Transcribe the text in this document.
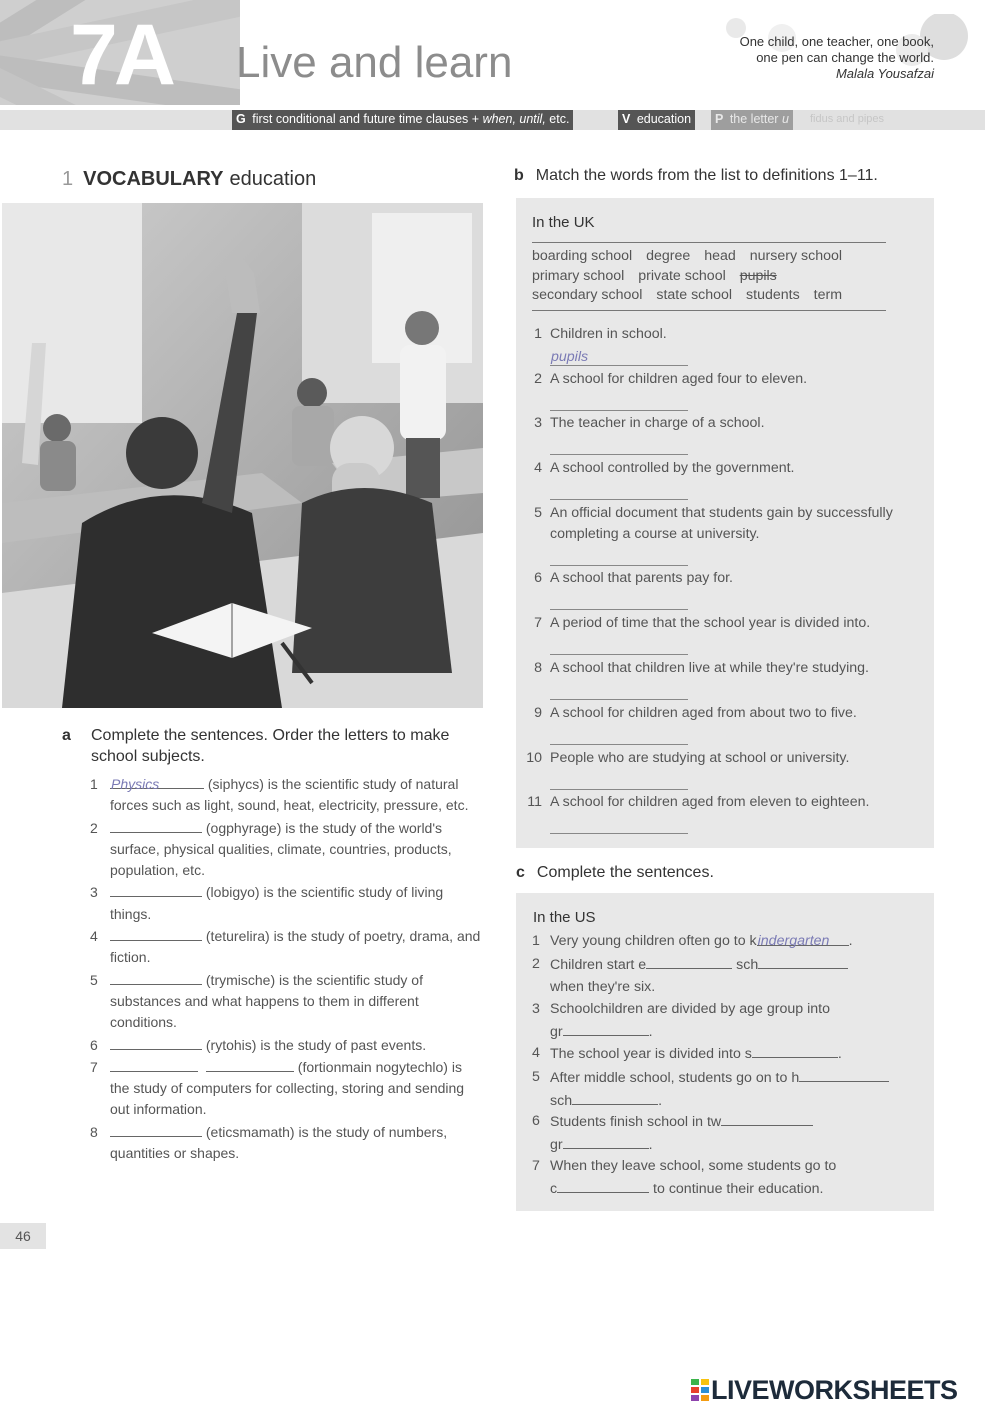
7A Live and learn	One child, one teacher, one book,
one pen can change the world.
Malala Yousafzai
fidus and pipes
G first conditional and future time clauses + when, until, etc.	V education	P the letter u
1 VOCABULARY education
a Complete the sentences. Order the letters to make school subjects.
1 Physics	(siphycs) is the scientific study of natural forces such as light, sound, heat, electricity, pressure, etc.
2	(ogphyrage) is the study of the world's surface, physical qualities, climate, countries, products, population, etc.
3	(lobigyo) is the scientific study of living things.
4	(teturelira) is the study of poetry, drama, and fiction.
5	(trymische) is the scientific study of substances and what happens to them in different conditions.
6	(rytohis) is the study of past events.
7	(fortionmain nogytechlo) is the study of computers for collecting, storing and sending out information.
8	(eticsmamath) is the study of numbers, quantities or shapes.
b Match the words from the list to definitions 1–11.
In the UK
boarding school degree head nursery school primary school private school pupils secondary school state school students term
1 Children in school.
pupils
2 A school for children aged four to eleven.
3 The teacher in charge of a school.
4 A school controlled by the government.
5 An official document that students gain by successfully completing a course at university.
6 A school that parents pay for.
7 A period of time that the school year is divided into.
8 A school that children live at while they're studying.
9 A school for children aged from about two to five.
10 People who are studying at school or university.
11 A school for children aged from eleven to eighteen.
c Complete the sentences.
In the US
1 Very young children often go to kindergarten .
2 Children start e	sch
when they're six.
3 Schoolchildren are divided by age group into
gr	.
4 The school year is divided into s	.
5 After middle school, students go on to h
sch	.
6 Students finish school in tw
gr	.
7 When they leave school, some students go to
c	to continue their education.
46
LIVEWORKSHEETS
